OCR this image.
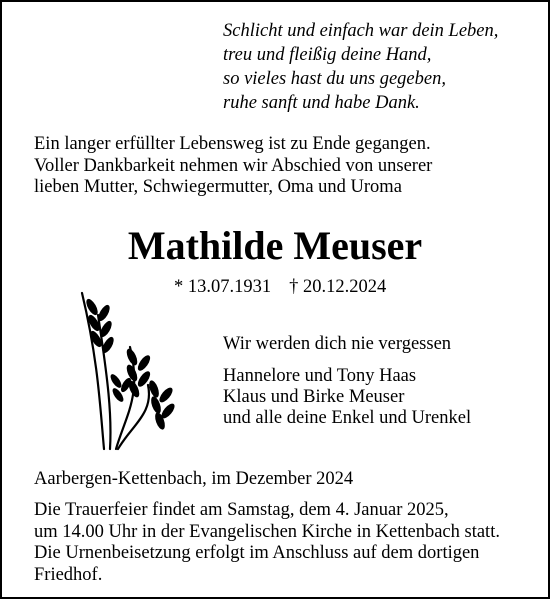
Schlicht und einfach war dein Leben,
treu und fleißig deine Hand,
so vieles hast du uns gegeben,
ruhe sanft und habe Dank.
Ein langer erfüllter Lebensweg ist zu Ende gegangen.
Voller Dankbarkeit nehmen wir Abschied von unserer
lieben Mutter, Schwiegermutter, Oma und Uroma
Mathilde Meuser
* 13.07.1931 † 20.12.2024
Wir werden dich nie vergessen
Hannelore und Tony Haas
Klaus und Birke Meuser
und alle deine Enkel und Urenkel
Aarbergen-Kettenbach, im Dezember 2024
Die Trauerfeier findet am Samstag, dem 4. Januar 2025,
um 14.00 Uhr in der Evangelischen Kirche in Kettenbach statt.
Die Urnenbeisetzung erfolgt im Anschluss auf dem dortigen
Friedhof.
